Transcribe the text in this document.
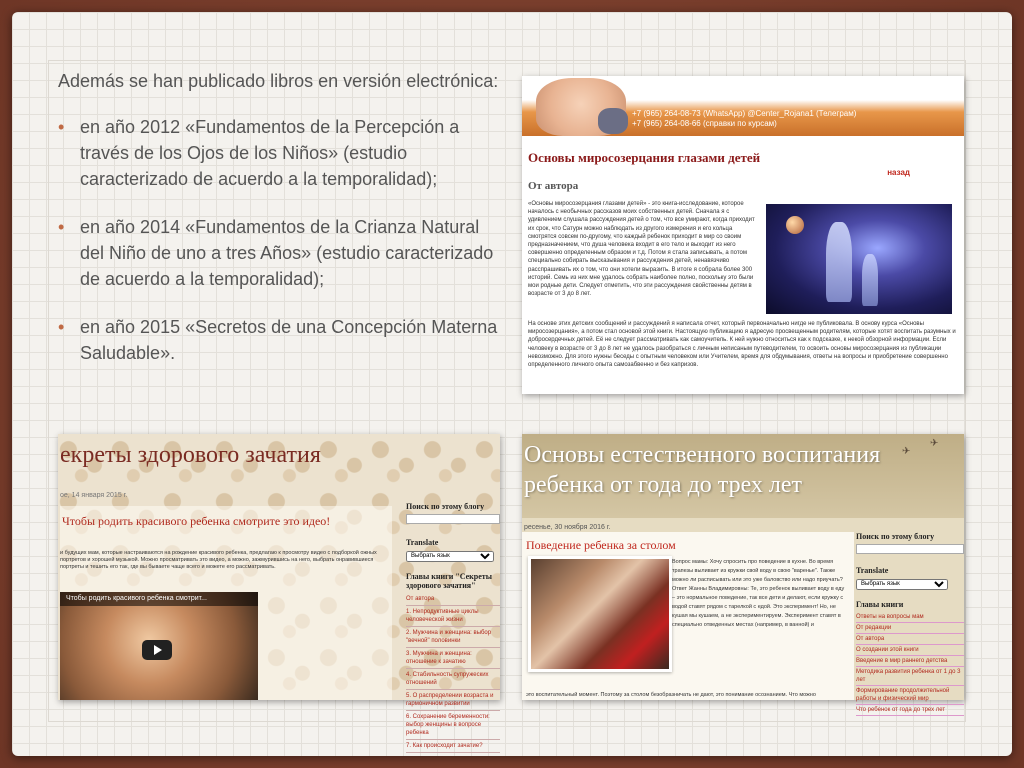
Además se han publicado libros en versión electrónica:

• en año 2012 «Fundamentos de la Percepción a través de los Ojos de los Niños» (estudio caracterizado de acuerdo a la temporalidad);
• en año 2014 «Fundamentos de la Crianza Natural del Niño de uno a tres Años» (estudio caracterizado de acuerdo a la temporalidad);
• en año 2015 «Secretos de una Concepción Materna Saludable».
+7 (965) 264-08-73 (WhatsApp) @Center_Rojana1 (Телеграм)
+7 (965) 264-08-66 (справки по курсам)
Основы миросозерцания глазами детей
назад
От автора
«Основы миросозерцания глазами детей» - это книга-исследование, которое началось с необычных рассказов моих собственных детей. Сначала я с удивлением слушала рассуждения детей о том, что все умирают, когда приходит их срок, что Сатурн можно наблюдать из другого измерения и его кольца смотрятся совсем по-другому, что каждый ребенок приходит в мир со своим предназначением, что душа человека входит в его тело и выходит из него совершенно определенным образом и т.д. Потом я стала записывать, а потом специально собирать высказывания и рассуждения детей, ненавязчиво расспрашивать их о том, что они хотели выразить. В итоге я собрала более 300 историй. Семь из них мне удалось собрать наиболее полно, поскольку это были мои родные дети. Следует отметить, что эти рассуждения свойственны детям в возрасте от 3 до 8 лет.
На основе этих детских сообщений и рассуждений я написала отчет, который первоначально нигде не публиковала. В основу курса «Основы миросозерцания», а потом стал основой этой книги. Настоящую публикацию я адресую просвещенным родителям, которые хотят воспитать разумных и добросердечных детей. Её не следует рассматривать как самоучитель. К ней нужно относиться как к подсказке, к некой обзорной информации. Если человеку в возрасте от 3 до 8 лет не удалось разобраться с личным неписаным путеводителем, то освоить основы миросозерцания из публикации невозможно. Для этого нужны беседы с опытным человеком или Учителем, время для обдумывания, ответы на вопросы и приобретение совершенно определенного личного опыта самозабвенно и без капризов.
екреты здорового зачатия
ое, 14 января 2015 г.
Чтобы родить красивого ребенка смотрите это идео!
и будущих мам, которые настраиваются на рождение красивого ребенка, предлагаю к просмотру видео с подборкой ожных портретов и хорошей музыкой. Можно просматривать это видео, а можно, зажмурившись на него, выбрать онравившиеся портреты и тешить его так, где вы бываете чаще всего и можете его рассматривать.
Чтобы родить красивого ребенка смотрит...
Поиск по этому блогу
Translate
Выбрать язык
Главы книги "Секреты здорового зачатия"
От автора
1. Непродуктивные циклы человеческой жизни
2. Мужчина и женщина: выбор "вечной" половинки
3. Мужчина и женщина: отношение к зачатию
4. Стабильность супружеских отношений
5. О распределении возраста и гармоничном развитии
6. Сохранение беременности: выбор женщины в вопросе ребенка
7. Как происходит зачатие?
✈
✈
Основы естественного воспитания ребенка от года до трех лет
ресенье, 30 ноября 2016 г.
Поведение ребенка за столом
Вопрос мамы: Хочу спросить про поведение в кухне. Во время трапезы выливает из кружки свой воду в свою "варенье". Также можно ли расписывать или это уже баловство или надо приучать? Ответ Жанны Владимировны: Те, это ребенок выливает воду в еду – это нормальное поведение, так все дети и делают, если кружку с водой ставят рядом с тарелкой с едой. Это эксперимент! Но, не кушая мы кушаем, а не экспериментируем. Эксперимент ставят в специально отведенных местах (например, в ванной) и
это воспитательный момент. Поэтому за столом безобразничать не дают, это понимание осознанием. Что можно
Поиск по этому блогу
Translate
Выбрать язык
Главы книги
Ответы на вопросы мам
От редакции
От автора
О создании этой книги
Введение в мир раннего детства
Методика развития ребенка от 1 до 3 лет
Формирование продолжительной работы и физический мир
Что ребенок от года до трех лет
